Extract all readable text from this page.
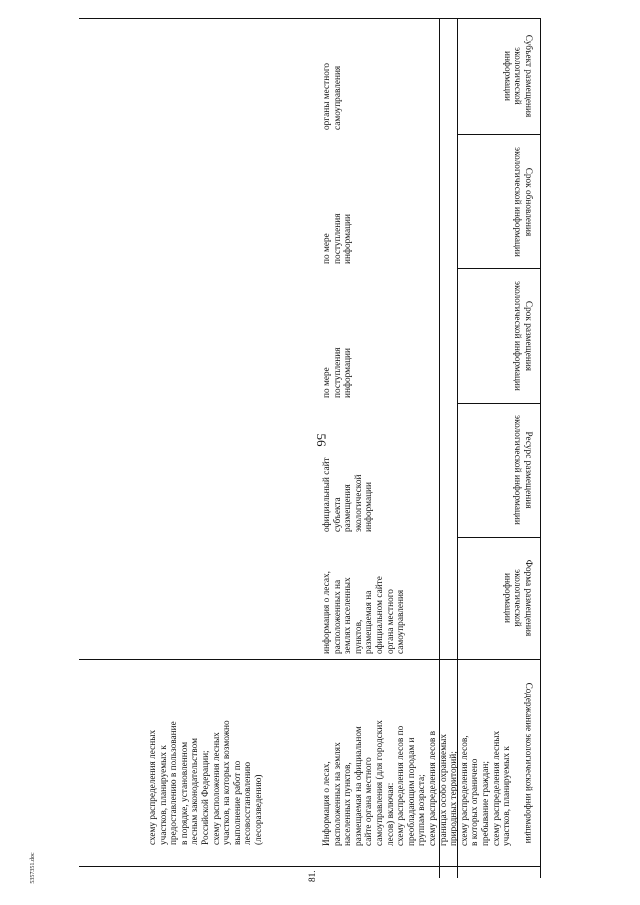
56
Содержание экологической информации
Форма размещения экологической информации
Ресурс размещения экологической информации
Срок размещения экологической информации
Срок обновления экологической информации
Субъект размещения экологической информации
схему распределения лесных
участков, планируемых к
предоставлению в пользование
в порядке, установленном
лесным законодательством
Российской Федерации;
схему расположения лесных
участков, на которых возможно
выполнение работ по
лесовосстановлению
(лесоразведению)
81.
Информация о лесах,
расположенных на землях
населенных пунктов,
размещаемая на официальном
сайте органа местного
самоуправления (для городских
лесов) включая:
схему распределения лесов по
преобладающим породам и
группам возраста;
схему распределения лесов в
границах особо охраняемых
природных территорий;
схему распределения лесов,
в которых ограничено
пребывание граждан;
схему распределения лесных
участков, планируемых к
информация о лесах,
расположенных на
землях населенных
пунктов,
размещаемая на
официальном сайте
органа местного
самоуправления
официальный сайт
субъекта
размещения
экологической
информации
по мере
поступления
информации
по мере
поступления
информации
органы местного
самоуправления
5357351.doc
